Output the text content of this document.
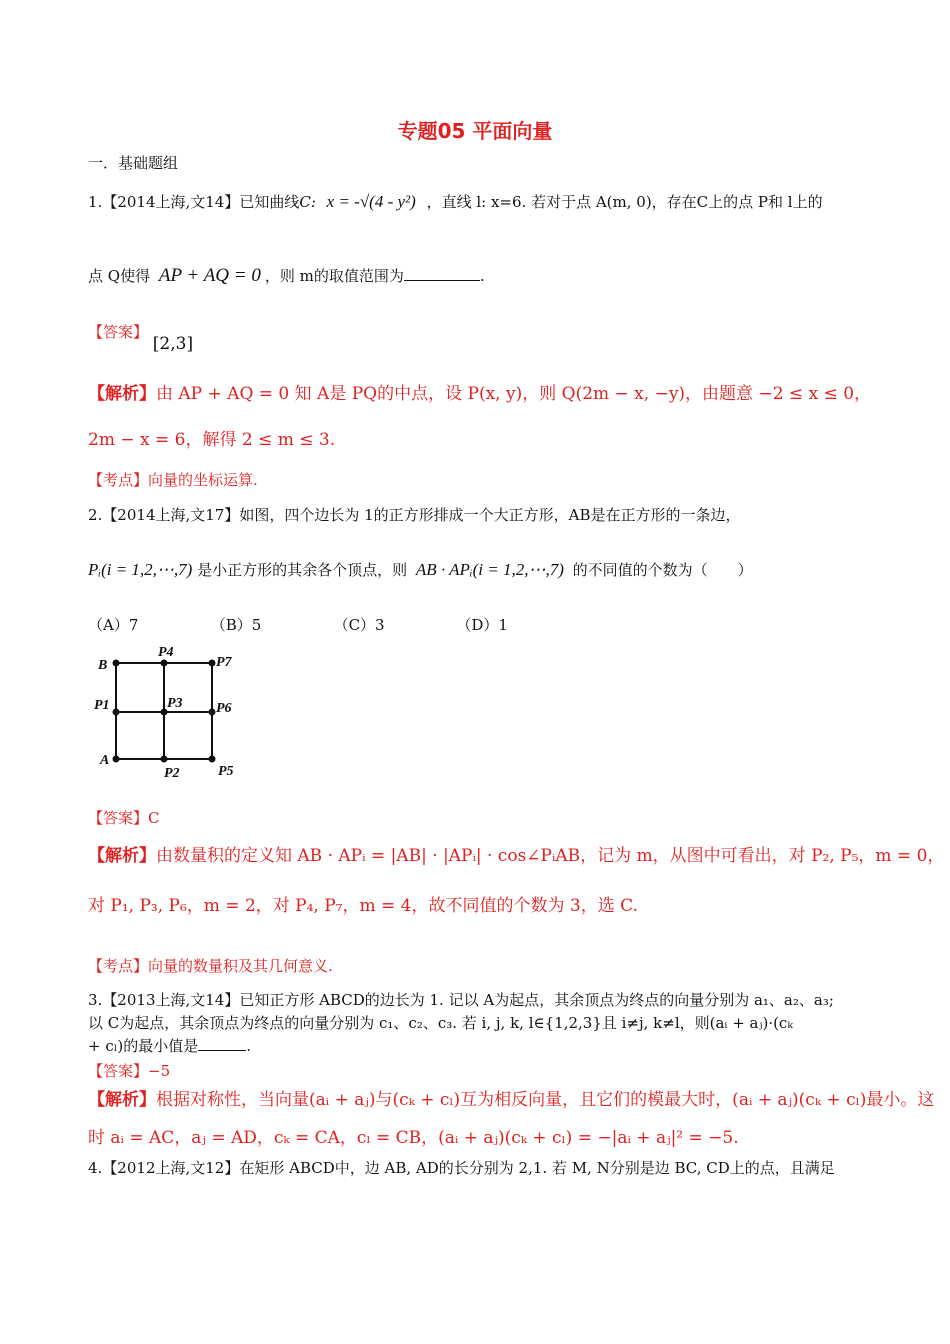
专题05 平面向量
一．基础题组
1.【2014上海,文14】已知曲线C: x = -√(4 - y²) ，直线 l: x=6. 若对于点 A(m, 0)，存在C上的点 P和 l上的
点 Q使得 AP + AQ = 0 ，则 m的取值范围为	.
【答案】 [2,3]
【解析】由 AP + AQ = 0 知 A是 PQ的中点，设 P(x, y)，则 Q(2m − x, −y)，由题意 −2 ≤ x ≤ 0，
2m − x = 6，解得 2 ≤ m ≤ 3.
【考点】向量的坐标运算.
2.【2014上海,文17】如图，四个边长为 1的正方形排成一个大正方形，AB是在正方形的一条边，
Pᵢ(i = 1,2,⋯,7) 是小正方形的其余各个顶点，则 AB · APᵢ(i = 1,2,⋯,7) 的不同值的个数为（　　）
（A）7	（B）5	（C）3	（D）1
B
P4
P7
P1	P3 P6
A
P2	P5
【答案】C
【解析】由数量积的定义知 AB · APᵢ = |AB| · |APᵢ| · cos∠PᵢAB，记为 m，从图中可看出，对 P₂, P₅，m = 0，
对 P₁, P₃, P₆，m = 2，对 P₄, P₇，m = 4，故不同值的个数为 3，选 C.
【考点】向量的数量积及其几何意义.
3.【2013上海,文14】已知正方形 ABCD的边长为 1. 记以 A为起点，其余顶点为终点的向量分别为 a₁、a₂、a₃;
以 C为起点，其余顶点为终点的向量分别为 c₁、c₂、c₃. 若 i, j, k, l∈{1,2,3}且 i≠j, k≠l，则(aᵢ + aⱼ)·(cₖ
+ cₗ)的最小值是	.
【答案】−5
【解析】根据对称性，当向量(aᵢ + aⱼ)与(cₖ + cₗ)互为相反向量，且它们的模最大时，(aᵢ + aⱼ)(cₖ + cₗ)最小。这
时 aᵢ = AC，aⱼ = AD，cₖ = CA，cₗ = CB，(aᵢ + aⱼ)(cₖ + cₗ) = −|aᵢ + aⱼ|² = −5.
4.【2012上海,文12】在矩形 ABCD中，边 AB, AD的长分别为 2,1. 若 M, N分别是边 BC, CD上的点，且满足
